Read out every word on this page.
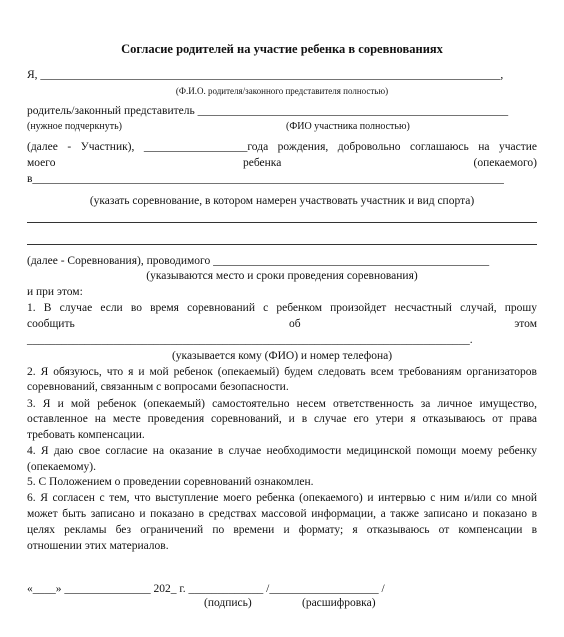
Согласие родителей на участие ребенка в соревнованиях
Я, ________________________________________________________________________________,
(Ф.И.О. родителя/законного представителя полностью)
родитель/законный представитель ______________________________________________________
(нужное подчеркнуть)	(ФИО участника полностью)
(далее - Участник), __________________года рождения, добровольно соглашаюсь на участие
моего	ребенка	(опекаемого)
в__________________________________________________________________________________
(указать соревнование, в котором намерен участвовать участник и вид спорта)
(далее - Соревнования), проводимого ________________________________________________
(указываются место и сроки проведения соревнования)
и при этом:
1. В случае если во время соревнований с ребенком произойдет несчастный случай, прошу
сообщить	об	этом
_____________________________________________________________________________.
(указывается кому (ФИО) и номер телефона)
2. Я обязуюсь, что я и мой ребенок (опекаемый) будем следовать всем требованиям организаторов
соревнований, связанным с вопросами безопасности.
3. Я и мой ребенок (опекаемый) самостоятельно несем ответственность за личное имущество,
оставленное на месте проведения соревнований, и в случае его утери я отказываюсь от права
требовать компенсации.
4. Я даю свое согласие на оказание в случае необходимости медицинской помощи моему ребенку
(опекаемому).
5. С Положением о проведении соревнований ознакомлен.
6. Я согласен с тем, что выступление моего ребенка (опекаемого) и интервью с ним и/или со мной
может быть записано и показано в средствах массовой информации, а также записано и показано в
целях рекламы без ограничений по времени и формату; я отказываюсь от компенсации в
отношении этих материалов.
«____» _______________ 202_ г. _____________ /___________________ /
(подпись)	(расшифровка)
